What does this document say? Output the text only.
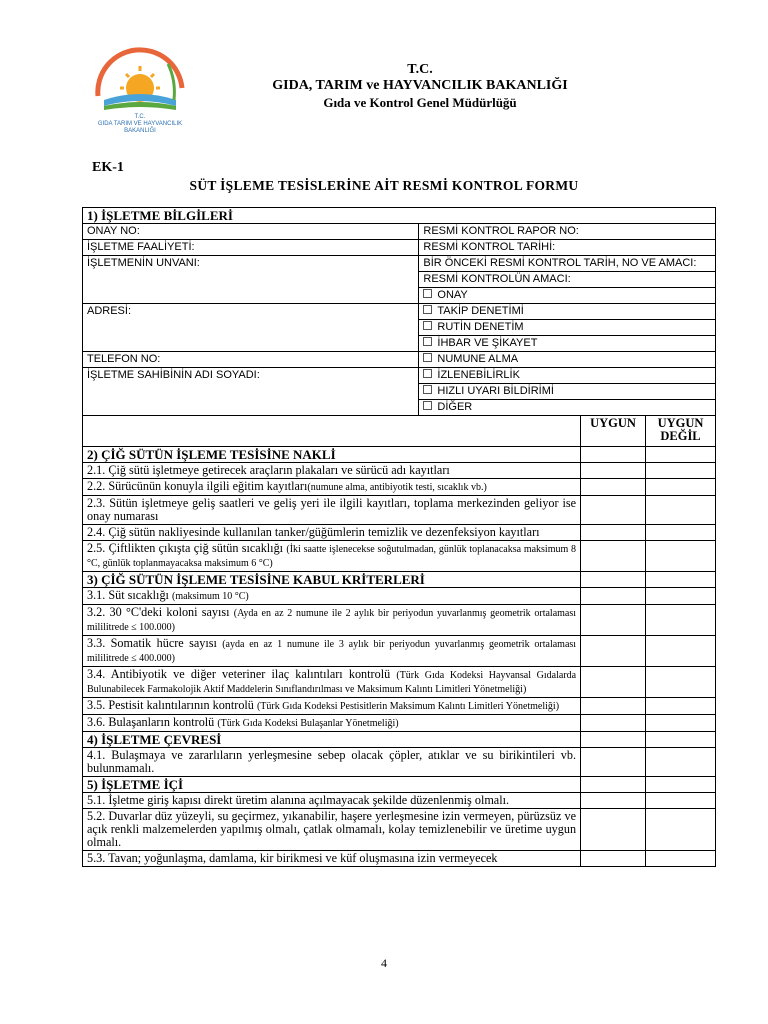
T.C.
GIDA TARIM VE HAYVANCILIK
BAKANLIĞI
T.C.
GIDA, TARIM ve HAYVANCILIK BAKANLIĞI
Gıda ve Kontrol Genel Müdürlüğü
EK-1
SÜT İŞLEME TESİSLERİNE AİT RESMİ KONTROL FORMU
1) İŞLETME BİLGİLERİ			
ONAY NO:	RESMİ KONTROL RAPOR NO:		
İŞLETME FAALİYETİ:	RESMİ KONTROL TARİHİ:		
İŞLETMENİN UNVANI:	BİR ÖNCEKİ RESMİ KONTROL TARİH, NO VE AMACI:		
	RESMİ KONTROLÜN AMACI:		
	ONAY		
ADRESİ:	TAKİP DENETİMİ		
	RUTİN DENETİM		
	İHBAR VE ŞİKAYET		
TELEFON NO:	NUMUNE ALMA		
İŞLETME SAHİBİNİN ADI SOYADI:	İZLENEBİLİRLİK		
	HIZLI UYARI BİLDİRİMİ		
	DİĞER		
		UYGUN	UYGUN DEĞİL
2) ÇİĞ SÜTÜN İŞLEME TESİSİNE NAKLİ			
2.1. Çiğ sütü işletmeye getirecek araçların plakaları ve sürücü adı kayıtları			
2.2. Sürücünün konuyla ilgili eğitim kayıtları(numune alma, antibiyotik testi, sıcaklık vb.)			
2.3. Sütün işletmeye geliş saatleri ve geliş yeri ile ilgili kayıtları, toplama merkezinden geliyor ise onay numarası			
2.4. Çiğ sütün nakliyesinde kullanılan tanker/güğümlerin temizlik ve dezenfeksiyon kayıtları			
2.5. Çiftlikten çıkışta çiğ sütün sıcaklığı (İki saatte işlenecekse soğutulmadan, günlük toplanacaksa maksimum 8 °C, günlük toplanmayacaksa maksimum 6 °C)			
3) ÇİĞ SÜTÜN İŞLEME TESİSİNE KABUL KRİTERLERİ			
3.1. Süt sıcaklığı (maksimum 10 °C)			
3.2. 30 °C'deki koloni sayısı (Ayda en az 2 numune ile 2 aylık bir periyodun yuvarlanmış geometrik ortalaması mililitrede ≤ 100.000)			
3.3. Somatik hücre sayısı (ayda en az 1 numune ile 3 aylık bir periyodun yuvarlanmış geometrik ortalaması mililitrede ≤ 400.000)			
3.4. Antibiyotik ve diğer veteriner ilaç kalıntıları kontrolü (Türk Gıda Kodeksi Hayvansal Gıdalarda Bulunabilecek Farmakolojik Aktif Maddelerin Sınıflandırılması ve Maksimum Kalıntı Limitleri Yönetmeliği)			
3.5. Pestisit kalıntılarının kontrolü (Türk Gıda Kodeksi Pestisitlerin Maksimum Kalıntı Limitleri Yönetmeliği)			
3.6. Bulaşanların kontrolü (Türk Gıda Kodeksi Bulaşanlar Yönetmeliği)			
4) İŞLETME ÇEVRESİ			
4.1. Bulaşmaya ve zararlıların yerleşmesine sebep olacak çöpler, atıklar ve su birikintileri vb. bulunmamalı.			
5) İŞLETME İÇİ			
5.1. İşletme giriş kapısı direkt üretim alanına açılmayacak şekilde düzenlenmiş olmalı.			
5.2. Duvarlar düz yüzeyli, su geçirmez, yıkanabilir, haşere yerleşmesine izin vermeyen, pürüzsüz ve açık renkli malzemelerden yapılmış olmalı, çatlak olmamalı, kolay temizlenebilir ve üretime uygun olmalı.			
5.3. Tavan; yoğunlaşma, damlama, kir birikmesi ve küf oluşmasına izin vermeyecek			
4
